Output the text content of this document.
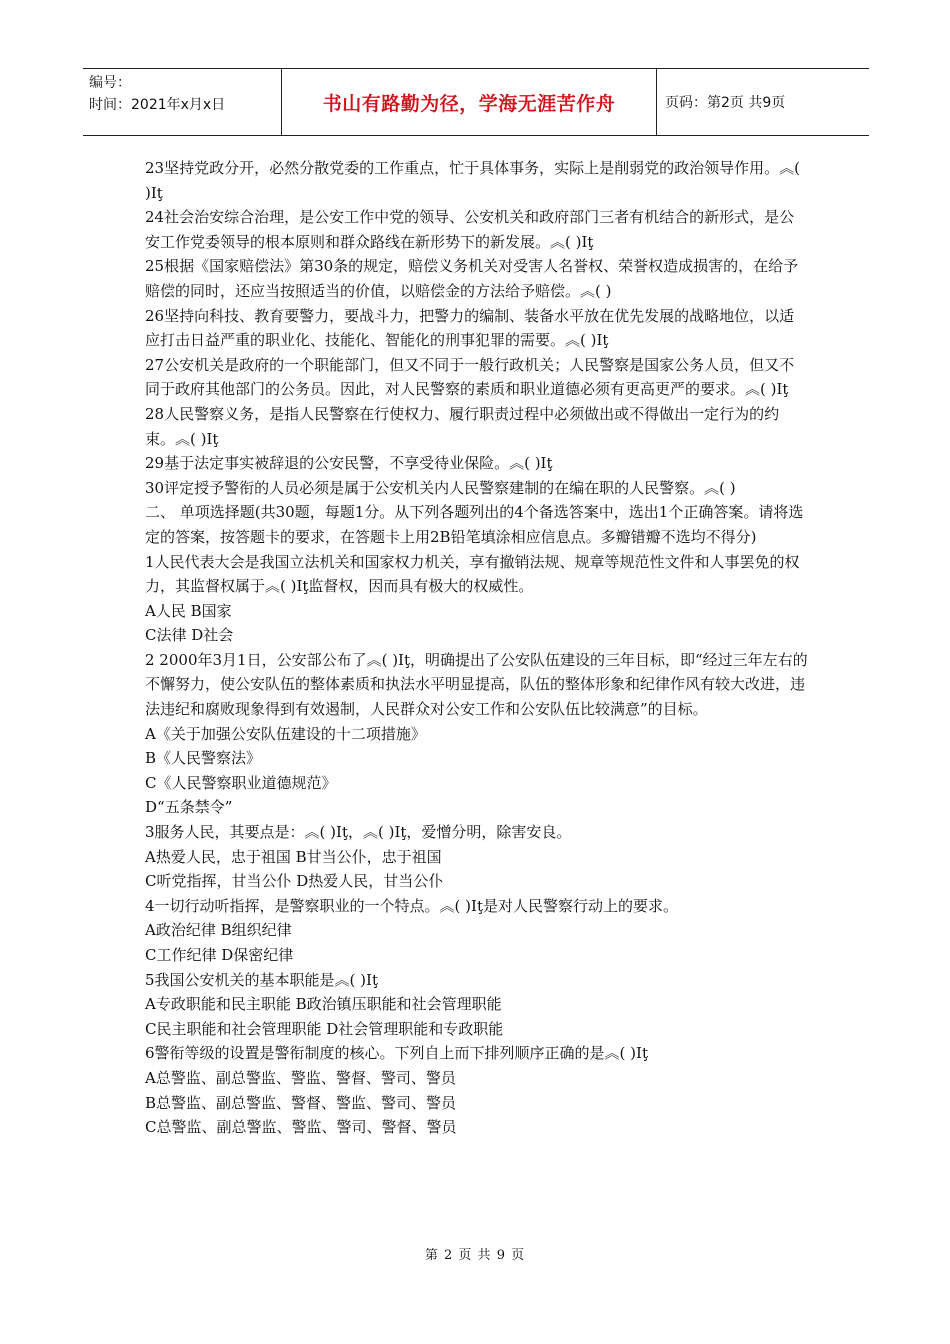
编号：
时间：2021年x月x日	书山有路勤为径，学海无涯苦作舟	页码：第2页 共9页

23坚持党政分开，必然分散党委的工作重点，忙于具体事务，实际上是削弱党的政治领导作用。︽( )Iţ

24社会治安综合治理，是公安工作中党的领导、公安机关和政府部门三者有机结合的新形式，是公安工作党委领导的根本原则和群众路线在新形势下的新发展。︽( )Iţ

25根据《国家赔偿法》第30条的规定，赔偿义务机关对受害人名誉权、荣誉权造成损害的，在给予赔偿的同时，还应当按照适当的价值，以赔偿金的方法给予赔偿。︽( )

26坚持向科技、教育要警力，要战斗力，把警力的编制、装备水平放在优先发展的战略地位，以适应打击日益严重的职业化、技能化、智能化的刑事犯罪的需要。︽( )Iţ

27公安机关是政府的一个职能部门，但又不同于一般行政机关；人民警察是国家公务人员，但又不同于政府其他部门的公务员。因此，对人民警察的素质和职业道德必须有更高更严的要求。︽( )Iţ

28人民警察义务，是指人民警察在行使权力、履行职责过程中必须做出或不得做出一定行为的约束。︽( )Iţ

29基于法定事实被辞退的公安民警，不享受待业保险。︽( )Iţ

30评定授予警衔的人员必须是属于公安机关内人民警察建制的在编在职的人民警察。︽( )

二、 单项选择题(共30题，每题1分。从下列各题列出的4个备选答案中，选出1个正确答案。请将选定的答案，按答题卡的要求，在答题卡上用2B铅笔填涂相应信息点。多瓣错瓣不选均不得分)

1人民代表大会是我国立法机关和国家权力机关，享有撤销法规、规章等规范性文件和人事罢免的权力，其监督权属于︽( )Iţ监督权，因而具有极大的权威性。

A人民 B国家

C法律 D社会

2 2000年3月1日，公安部公布了︽( )Iţ，明确提出了公安队伍建设的三年目标，即“经过三年左右的不懈努力，使公安队伍的整体素质和执法水平明显提高，队伍的整体形象和纪律作风有较大改进，违法违纪和腐败现象得到有效遏制，人民群众对公安工作和公安队伍比较满意”的目标。

A《关于加强公安队伍建设的十二项措施》

B《人民警察法》

C《人民警察职业道德规范》

D“五条禁令”

3服务人民，其要点是：︽( )Iţ，︽( )Iţ，爱憎分明，除害安良。

A热爱人民，忠于祖国 B甘当公仆，忠于祖国

C听党指挥，甘当公仆 D热爱人民，甘当公仆

4一切行动听指挥，是警察职业的一个特点。︽( )Iţ是对人民警察行动上的要求。

A政治纪律 B组织纪律

C工作纪律 D保密纪律

5我国公安机关的基本职能是︽( )Iţ

A专政职能和民主职能 B政治镇压职能和社会管理职能

C民主职能和社会管理职能 D社会管理职能和专政职能

6警衔等级的设置是警衔制度的核心。下列自上而下排列顺序正确的是︽( )Iţ

A总警监、副总警监、警监、警督、警司、警员

B总警监、副总警监、警督、警监、警司、警员

C总警监、副总警监、警监、警司、警督、警员

第 2 页 共 9 页
